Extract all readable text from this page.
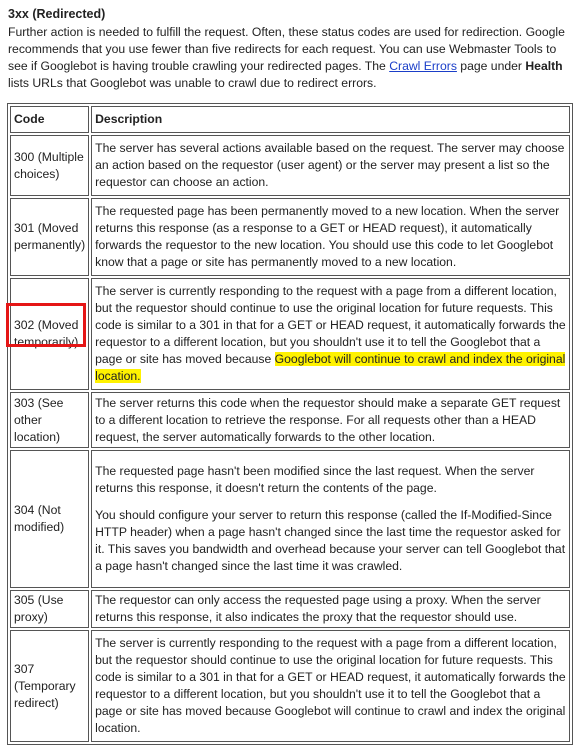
3xx (Redirected)

Further action is needed to fulfill the request. Often, these status codes are used for redirection. Google recommends that you use fewer than five redirects for each request. You can use Webmaster Tools to see if Googlebot is having trouble crawling your redirected pages. The Crawl Errors page under Health lists URLs that Googlebot was unable to crawl due to redirect errors.

Code	Description
300 (Multiple choices)	The server has several actions available based on the request. The server may choose an action based on the requestor (user agent) or the server may present a list so the requestor can choose an action.
301 (Moved permanently)	The requested page has been permanently moved to a new location. When the server returns this response (as a response to a GET or HEAD request), it automatically forwards the requestor to the new location. You should use this code to let Googlebot know that a page or site has permanently moved to a new location.
302 (Moved temporarily)	The server is currently responding to the request with a page from a different location, but the requestor should continue to use the original location for future requests. This code is similar to a 301 in that for a GET or HEAD request, it automatically forwards the requestor to a different location, but you shouldn't use it to tell the Googlebot that a page or site has moved because Googlebot will continue to crawl and index the original location.
303 (See other location)	The server returns this code when the requestor should make a separate GET request to a different location to retrieve the response. For all requests other than a HEAD request, the server automatically forwards to the other location.
304 (Not modified)	The requested page hasn't been modified since the last request. When the server returns this response, it doesn't return the contents of the page.

You should configure your server to return this response (called the If-Modified-Since HTTP header) when a page hasn't changed since the last time the requestor asked for it. This saves you bandwidth and overhead because your server can tell Googlebot that a page hasn't changed since the last time it was crawled.

305 (Use proxy)	The requestor can only access the requested page using a proxy. When the server returns this response, it also indicates the proxy that the requestor should use.
307 (Temporary redirect)	The server is currently responding to the request with a page from a different location, but the requestor should continue to use the original location for future requests. This code is similar to a 301 in that for a GET or HEAD request, it automatically forwards the requestor to a different location, but you shouldn't use it to tell the Googlebot that a page or site has moved because Googlebot will continue to crawl and index the original location.
